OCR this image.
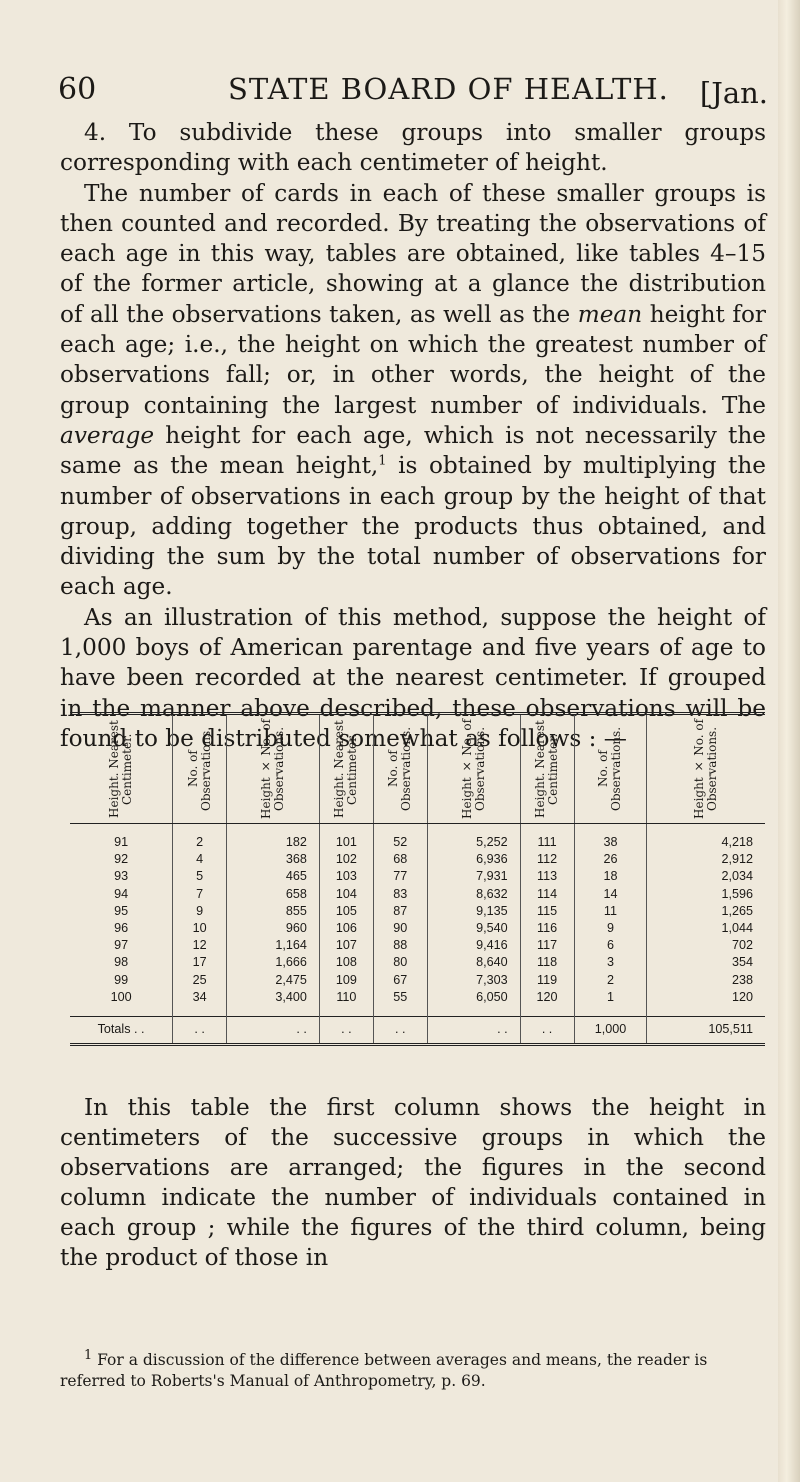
60	STATE BOARD OF HEALTH. [Jan.

4. To subdivide these groups into smaller groups corresponding with each centimeter of height.

The number of cards in each of these smaller groups is then counted and recorded. By treating the observations of each age in this way, tables are obtained, like tables 4–15 of the former article, showing at a glance the distribution of all the observations taken, as well as the mean height for each age; i.e., the height on which the greatest number of observations fall; or, in other words, the height of the group containing the largest number of individuals. The average height for each age, which is not necessarily the same as the mean height,$^1$ is obtained by multiplying the number of observations in each group by the height of that group, adding together the products thus obtained, and dividing the sum by the total number of observations for each age.

As an illustration of this method, suppose the height of 1,000 boys of American parentage and five years of age to have been recorded at the nearest centimeter. If grouped in the manner above described, these observations will be found to be distributed somewhat as follows : —

Height. Nearest Centimeter.	No. of Observations.	Height × No. of Observations.	Height. Nearest Centimeter.	No. of Observations.	Height × No. of Observations.	Height. Nearest Centimeter.	No. of Observations.	Height × No. of Observations.

91	2	182	101	52	5,252	111	38	4,218
92	4	368	102	68	6,936	112	26	2,912
93	5	465	103	77	7,931	113	18	2,034
94	7	658	104	83	8,632	114	14	1,596
95	9	855	105	87	9,135	115	11	1,265
96	10	960	106	90	9,540	116	9	1,044
97	12	1,164	107	88	9,416	117	6	702
98	17	1,666	108	80	8,640	118	3	354
99	25	2,475	109	67	7,303	119	2	238
100	34	3,400	110	55	6,050	120	1	120

Totals . .	. .	. .	. .	. .	. .	. .	1,000	105,511

In this table the first column shows the height in centimeters of the successive groups in which the observations are arranged; the figures in the second column indicate the number of individuals contained in each group ; while the figures of the third column, being the product of those in

$^1$ For a discussion of the difference between averages and means, the reader is referred to Roberts's Manual of Anthropometry, p. 69.
